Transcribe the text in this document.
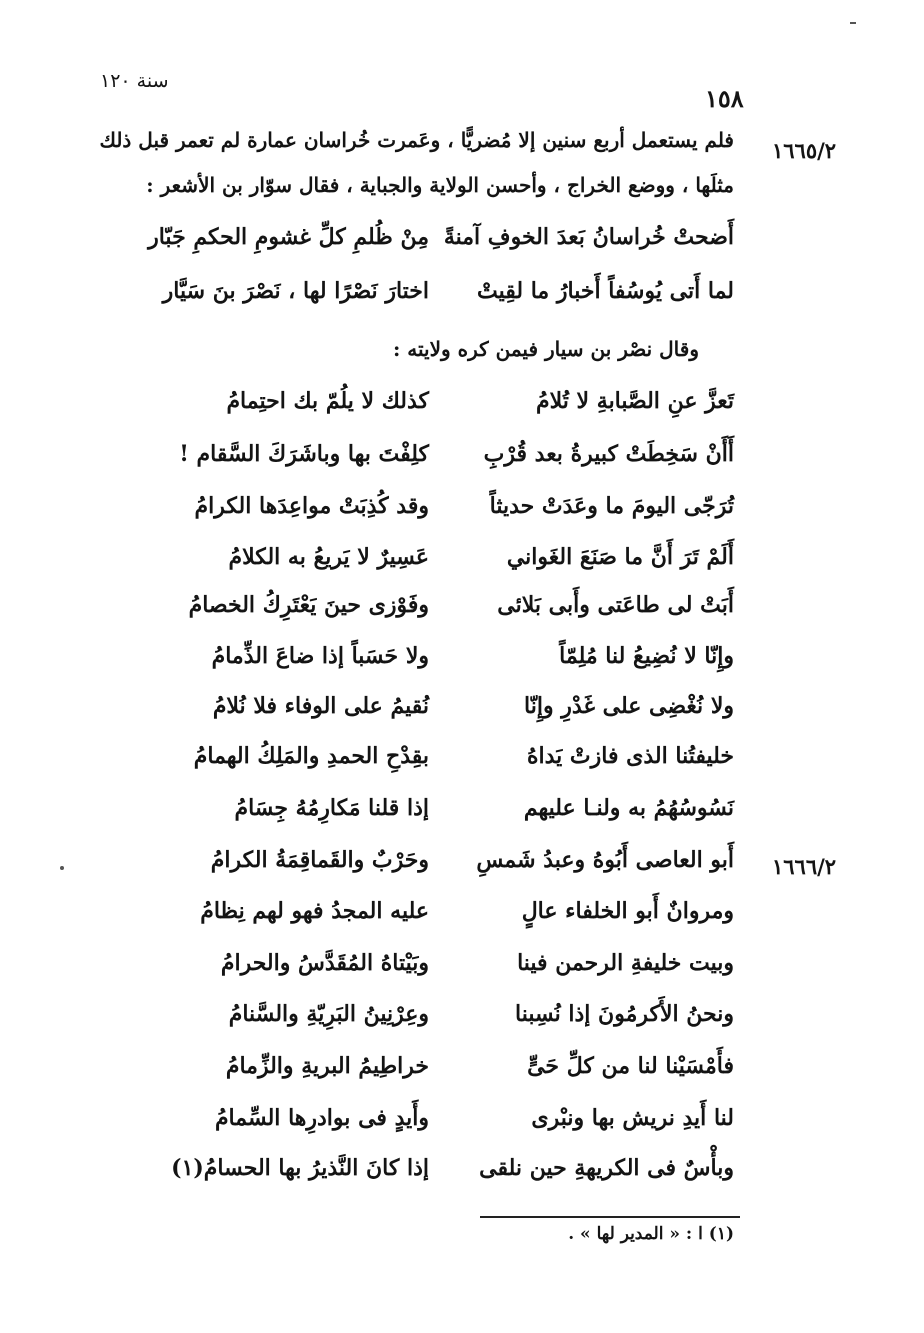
سنة ١٢٠
١٥٨
١٦٦٥/٢
١٦٦٦/٢
فلم يستعمل أربع سنين إلا مُضريًّا ، وعَمرت خُراسان عمارة لم تعمر قبل ذلك
مثلَها ، ووضع الخراج ، وأحسن الولاية والجباية ، فقال سوّار بن الأشعر :
أَضحتْ خُراسانُ بَعدَ الخوفِ آمنةً
مِنْ ظُلمِ كلِّ غشومِ الحكمِ جَبّار
لما أَتى يُوسُفاً أَخبارُ ما لقِيتْ
اختارَ نَصْرًا لها ، نَصْرَ بنَ سَيَّار
وقال نصْر بن سيار فيمن كره ولايته :
تَعزَّ عنِ الصَّبابةِ لا تُلامُ
كذلك لا يلُمّ بك احتِمامُ
أَأَنْ سَخِطَتْ كبيرةُ بعد قُرْبِ
كلِفْتَ بها وباشَرَكَ السَّقام !
تُرَجّى اليومَ ما وعَدَتْ حديثاً
وقد كُذِبَتْ مواعِدَها الكرامُ
أَلَمْ تَرَ أَنَّ ما صَنَعَ الغَواني
عَسِيرٌ لا يَريعُ به الكلامُ
أَبَتْ لى طاعَتى وأَبى بَلائى
وفَوْزى حينَ يَعْتَرِكُ الخصامُ
وإِنّا لا نُضِيعُ لنا مُلِمّاً
ولا حَسَباً إذا ضاعَ الذِّمامُ
ولا نُغْضِى على غَدْرِ وإِنّا
نُقيمُ على الوفاء فلا نُلامُ
خليفتُنا الذى فازتْ يَداهُ
بقِدْحِ الحمدِ والمَلِكُ الهمامُ
نَسُوسُهُمُ به ولنـا عليهم
إذا قلنا مَكارِمُهُ جِسَامُ
أَبو العاصى أَبُوهُ وعبدُ شَمسِ
وحَرْبٌ والقَماقِمَةُ الكرامُ
ومروانٌ أَبو الخلفاء عالٍ
عليه المجدُ فهو لهم نِظامُ
وبيت خليفةِ الرحمن فينا
وبَيْتاهُ المُقَدَّسُ والحرامُ
ونحنُ الأَكرمُونَ إذا نُسِبنا
وعِرْنِينُ البَرِيّةِ والسَّنامُ
فأَمْسَيْنا لنا من كلِّ حَىٍّ
خراطِيمُ البريةِ والزِّمامُ
لنا أَيدِ نريش بها ونبْرى
وأَيدٍ فى بوادرِها السِّمامُ
وبأْسٌ فى الكريهةِ حين نلقى
إذا كانَ النَّذيرُ بها الحسامُ(١)
(١) ا : « المدير لها » .
